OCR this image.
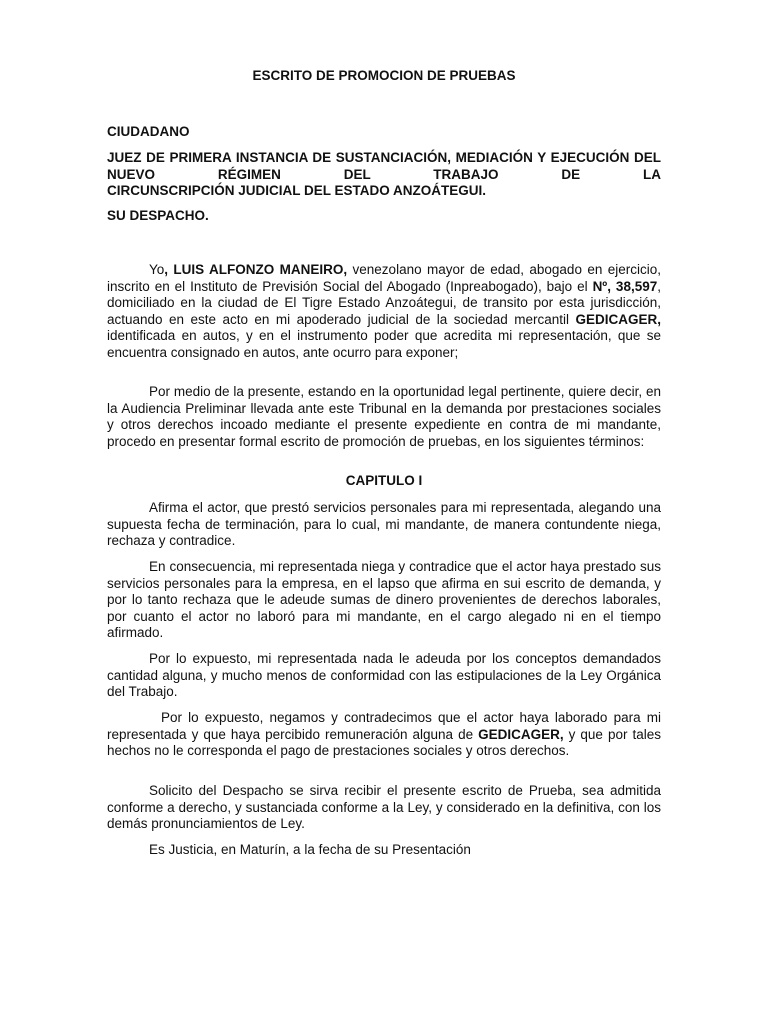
ESCRITO DE PROMOCION DE PRUEBAS
CIUDADANO
JUEZ DE PRIMERA INSTANCIA DE SUSTANCIACIÓN, MEDIACIÓN Y EJECUCIÓN DEL NUEVO RÉGIMEN DEL TRABAJO DE LA
CIRCUNSCRIPCIÓN JUDICIAL DEL ESTADO ANZOÁTEGUI.
SU DESPACHO.
Yo, LUIS ALFONZO MANEIRO, venezolano mayor de edad, abogado en ejercicio, inscrito en el Instituto de Previsión Social del Abogado (Inpreabogado), bajo el Nº, 38,597, domiciliado en la ciudad de El Tigre Estado Anzoátegui, de transito por esta jurisdicción, actuando en este acto en mi apoderado judicial de la sociedad mercantil GEDICAGER, identificada en autos, y en el instrumento poder que acredita mi representación, que se encuentra consignado en autos, ante ocurro para exponer;
Por medio de la presente, estando en la oportunidad legal pertinente, quiere decir, en la Audiencia Preliminar llevada ante este Tribunal en la demanda por prestaciones sociales y otros derechos incoado mediante el presente expediente en contra de mi mandante, procedo en presentar formal escrito de promoción de pruebas, en los siguientes términos:
CAPITULO I
Afirma el actor, que prestó servicios personales para mi representada, alegando una supuesta fecha de terminación, para lo cual, mi mandante, de manera contundente niega, rechaza y contradice.
En consecuencia, mi representada niega y contradice que el actor haya prestado sus servicios personales para la empresa, en el lapso que afirma en sui escrito de demanda, y por lo tanto rechaza que le adeude sumas de dinero provenientes de derechos laborales, por cuanto el actor no laboró para mi mandante, en el cargo alegado ni en el tiempo afirmado.
Por lo expuesto, mi representada nada le adeuda por los conceptos demandados cantidad alguna, y mucho menos de conformidad con las estipulaciones de la Ley Orgánica del Trabajo.
Por lo expuesto, negamos y contradecimos que el actor haya laborado para mi representada y que haya percibido remuneración alguna de GEDICAGER, y que por tales hechos no le corresponda el pago de prestaciones sociales y otros derechos.
Solicito del Despacho se sirva recibir el presente escrito de Prueba, sea admitida conforme a derecho, y sustanciada conforme a la Ley, y considerado en la definitiva, con los demás pronunciamientos de Ley.
Es Justicia, en Maturín, a la fecha de su Presentación
